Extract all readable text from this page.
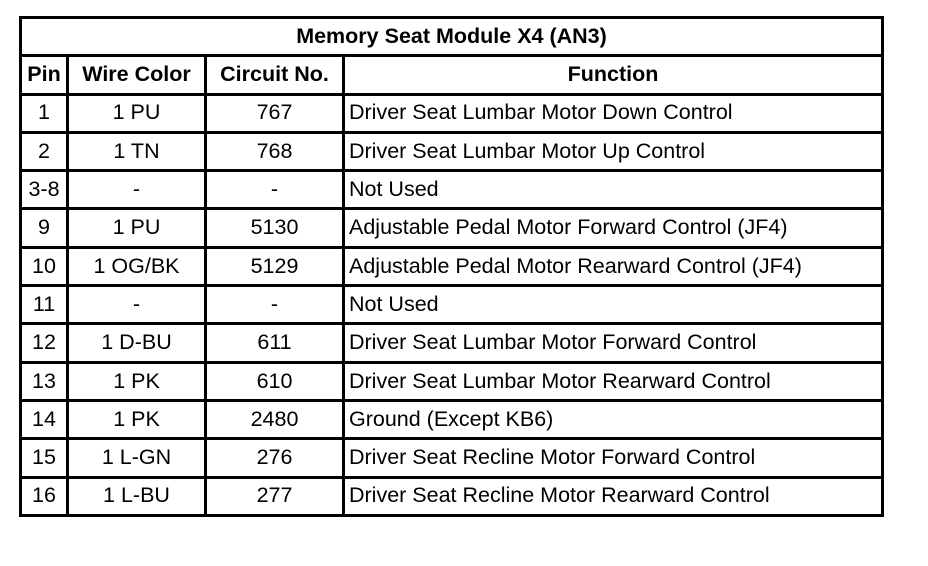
Memory Seat Module X4 (AN3)			
Pin	Wire Color	Circuit No.	Function
1	1 PU	767	Driver Seat Lumbar Motor Down Control
2	1 TN	768	Driver Seat Lumbar Motor Up Control
3-8	-	-	Not Used
9	1 PU	5130	Adjustable Pedal Motor Forward Control (JF4)
10	1 OG/BK	5129	Adjustable Pedal Motor Rearward Control (JF4)
11	-	-	Not Used
12	1 D-BU	611	Driver Seat Lumbar Motor Forward Control
13	1 PK	610	Driver Seat Lumbar Motor Rearward Control
14	1 PK	2480	Ground (Except KB6)
15	1 L-GN	276	Driver Seat Recline Motor Forward Control
16	1 L-BU	277	Driver Seat Recline Motor Rearward Control
